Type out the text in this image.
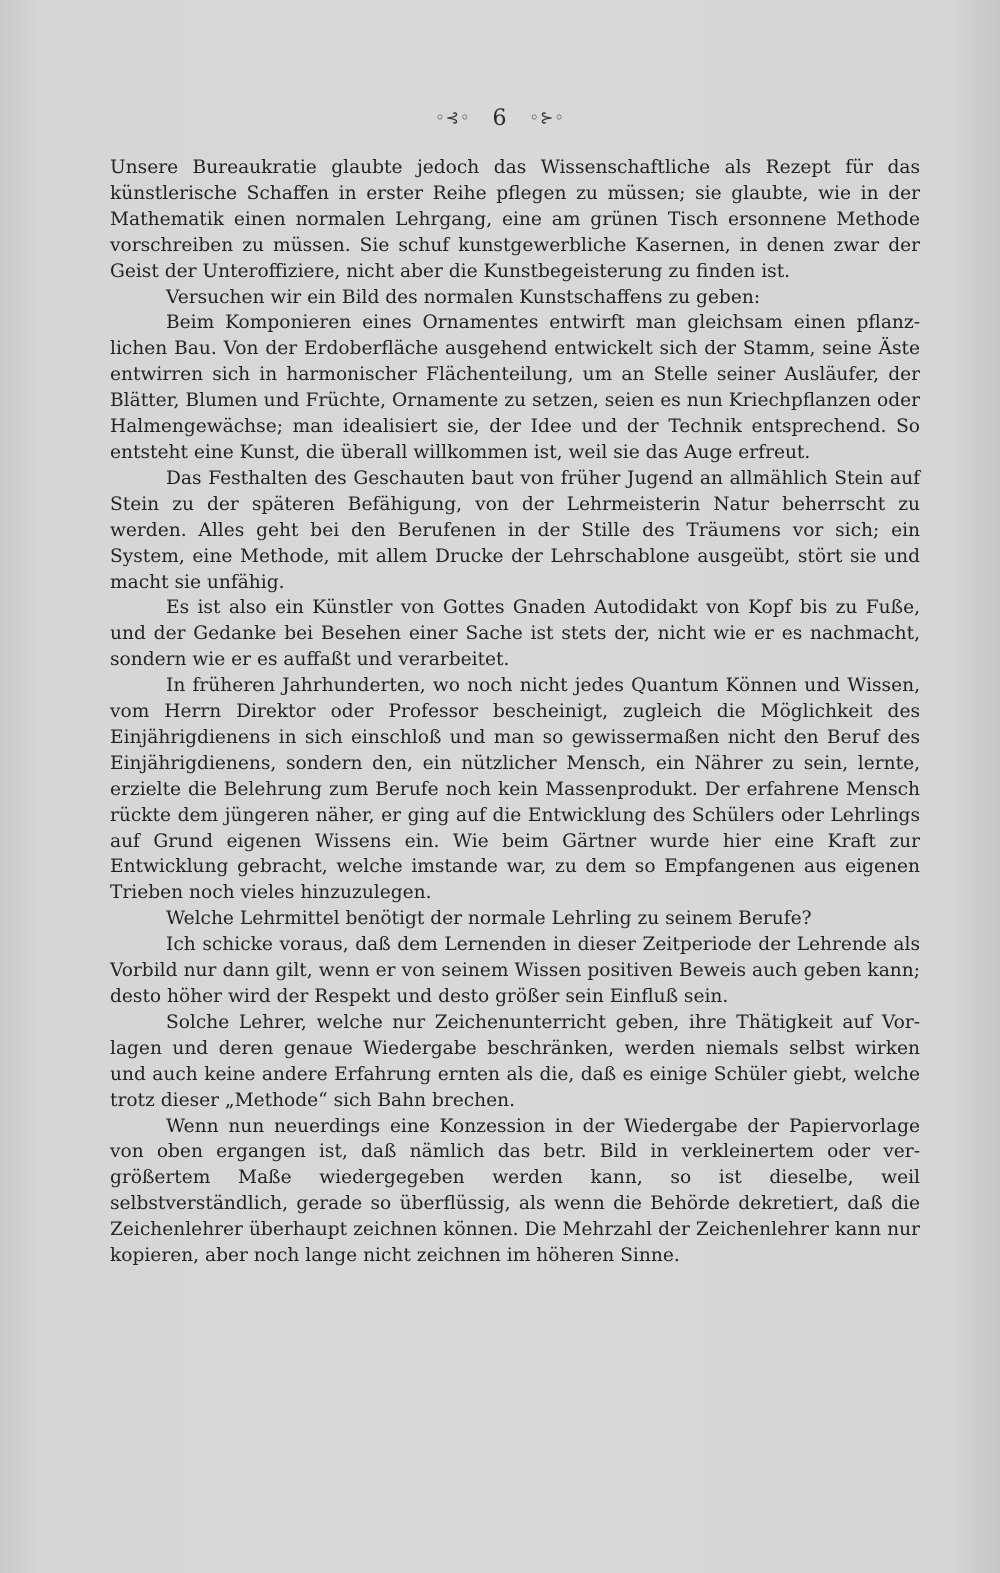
◦⊰◦ 6 ◦⊱◦

Unsere Bureaukratie glaubte jedoch das Wissenschaftliche als Rezept für das künstlerische Schaffen in erster Reihe pflegen zu müssen; sie glaubte, wie in der Mathematik einen normalen Lehrgang, eine am grünen Tisch ersonnene Methode vorschreiben zu müssen. Sie schuf kunstgewerbliche Kasernen, in denen zwar der Geist der Unteroffiziere, nicht aber die Kunstbegeisterung zu finden ist.

Versuchen wir ein Bild des normalen Kunstschaffens zu geben:

Beim Komponieren eines Ornamentes entwirft man gleichsam einen pflanzlichen Bau. Von der Erdoberfläche ausgehend entwickelt sich der Stamm, seine Äste entwirren sich in harmonischer Flächenteilung, um an Stelle seiner Ausläufer, der Blätter, Blumen und Früchte, Ornamente zu setzen, seien es nun Kriechpflanzen oder Halmengewächse; man idealisiert sie, der Idee und der Technik entsprechend. So entsteht eine Kunst, die überall willkommen ist, weil sie das Auge erfreut.

Das Festhalten des Geschauten baut von früher Jugend an allmählich Stein auf Stein zu der späteren Befähigung, von der Lehrmeisterin Natur beherrscht zu werden. Alles geht bei den Berufenen in der Stille des Träumens vor sich; ein System, eine Methode, mit allem Drucke der Lehrschablone ausgeübt, stört sie und macht sie unfähig.

Es ist also ein Künstler von Gottes Gnaden Autodidakt von Kopf bis zu Fuße, und der Gedanke bei Besehen einer Sache ist stets der, nicht wie er es nachmacht, sondern wie er es auffaßt und verarbeitet.

In früheren Jahrhunderten, wo noch nicht jedes Quantum Können und Wissen, vom Herrn Direktor oder Professor bescheinigt, zugleich die Möglichkeit des Einjährigdienens in sich einschloß und man so gewissermaßen nicht den Beruf des Einjährigdienens, sondern den, ein nützlicher Mensch, ein Nährer zu sein, lernte, erzielte die Belehrung zum Berufe noch kein Massenprodukt. Der erfahrene Mensch rückte dem jüngeren näher, er ging auf die Entwicklung des Schülers oder Lehrlings auf Grund eigenen Wissens ein. Wie beim Gärtner wurde hier eine Kraft zur Entwicklung gebracht, welche imstande war, zu dem so Empfangenen aus eigenen Trieben noch vieles hinzuzulegen.

Welche Lehrmittel benötigt der normale Lehrling zu seinem Berufe?

Ich schicke voraus, daß dem Lernenden in dieser Zeitperiode der Lehrende als Vorbild nur dann gilt, wenn er von seinem Wissen positiven Beweis auch geben kann; desto höher wird der Respekt und desto größer sein Einfluß sein.

Solche Lehrer, welche nur Zeichenunterricht geben, ihre Thätigkeit auf Vorlagen und deren genaue Wiedergabe beschränken, werden niemals selbst wirken und auch keine andere Erfahrung ernten als die, daß es einige Schüler giebt, welche trotz dieser „Methode“ sich Bahn brechen.

Wenn nun neuerdings eine Konzession in der Wiedergabe der Papiervorlage von oben ergangen ist, daß nämlich das betr. Bild in verkleinertem oder vergrößertem Maße wiedergegeben werden kann, so ist dieselbe, weil selbstverständlich, gerade so überflüssig, als wenn die Behörde dekretiert, daß die Zeichenlehrer überhaupt zeichnen können. Die Mehrzahl der Zeichenlehrer kann nur kopieren, aber noch lange nicht zeichnen im höheren Sinne.
